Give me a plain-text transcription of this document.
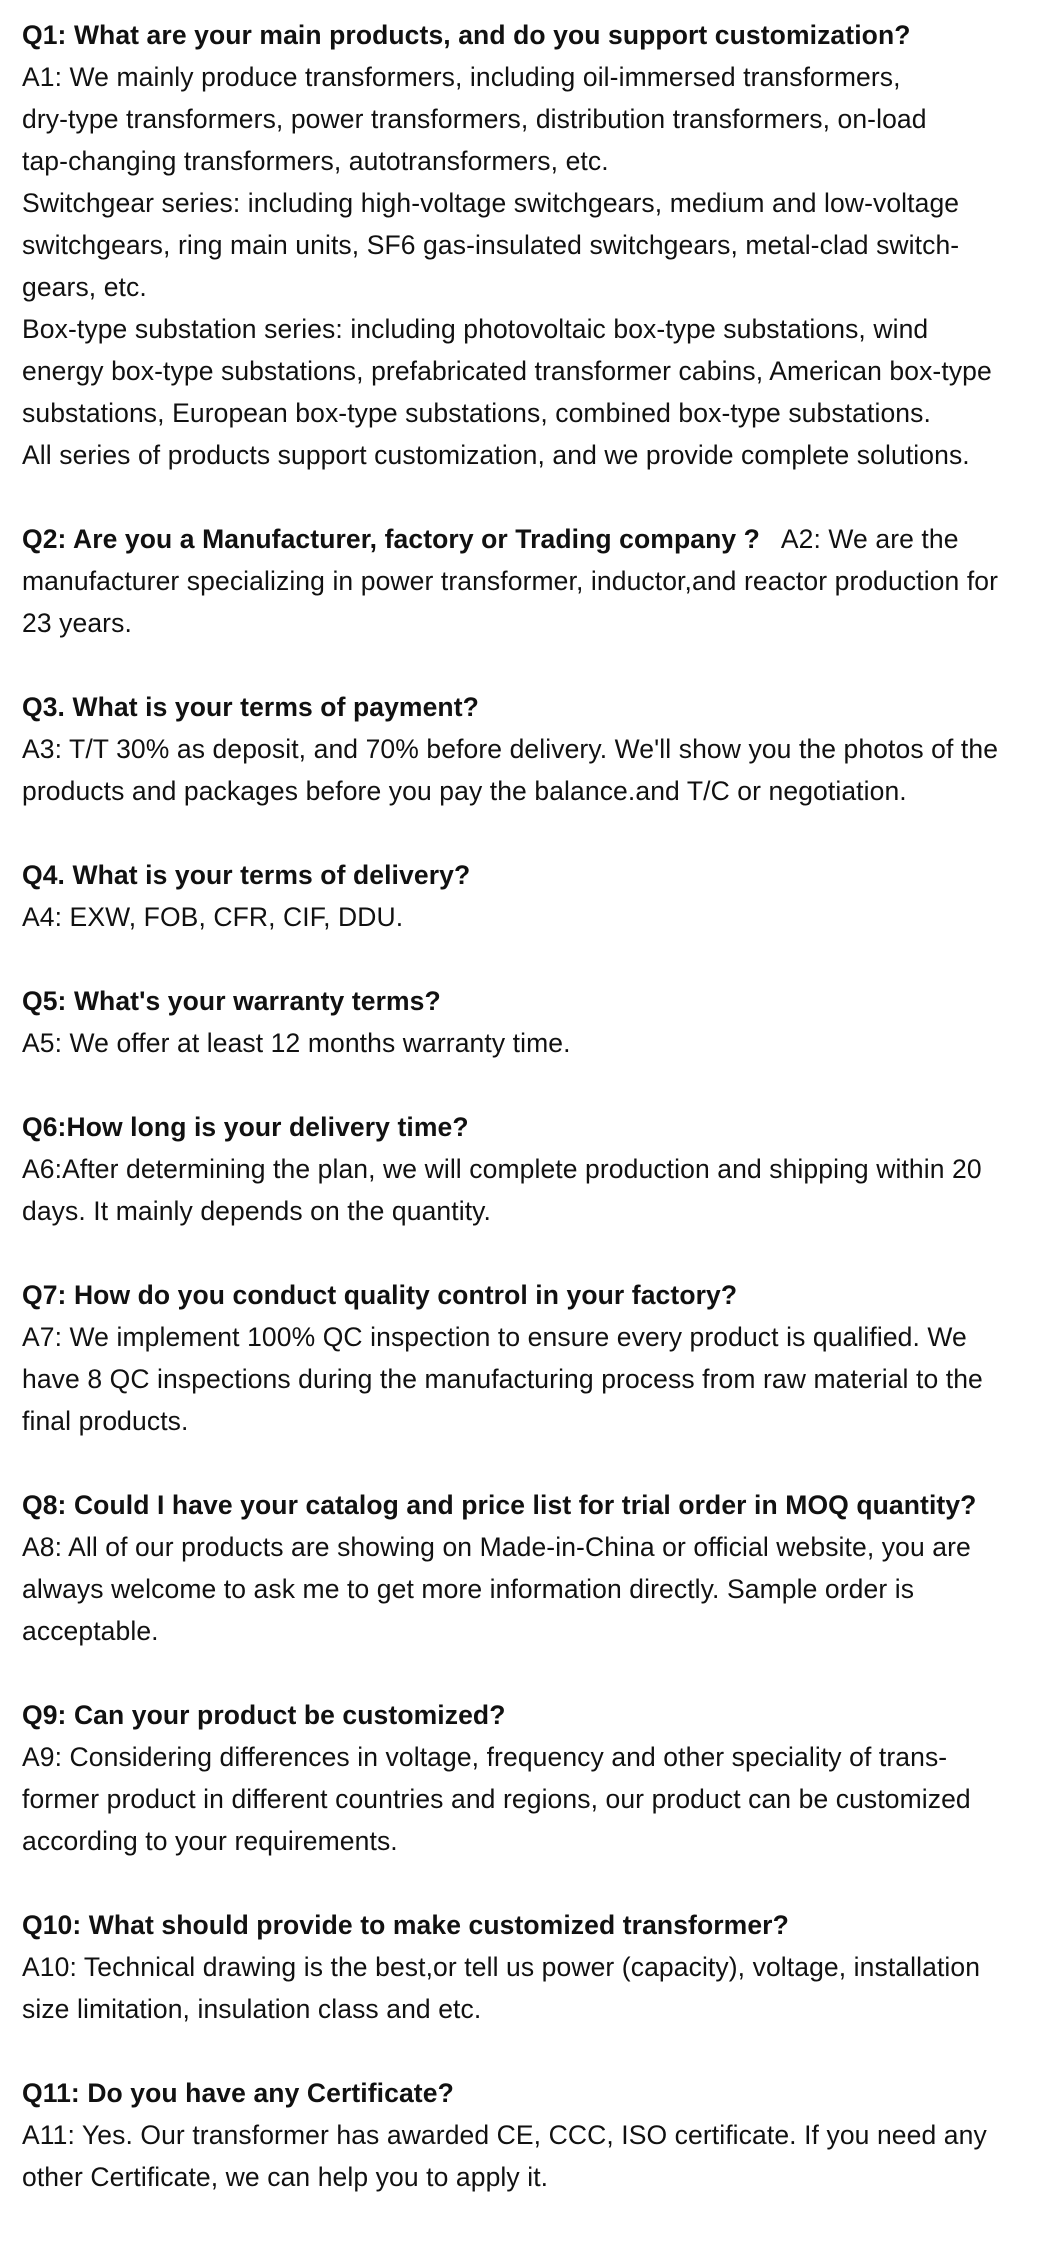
Q1: What are your main products, and do you support customization?
A1: We mainly produce transformers, including oil-immersed transformers,
dry-type transformers, power transformers, distribution transformers, on-load
tap-changing transformers, autotransformers, etc.
Switchgear series: including high-voltage switchgears, medium and low-voltage
switchgears, ring main units, SF6 gas-insulated switchgears, metal-clad switch-
gears, etc.
Box-type substation series: including photovoltaic box-type substations, wind
energy box-type substations, prefabricated transformer cabins, American box-type
substations, European box-type substations, combined box-type substations.
All series of products support customization, and we provide complete solutions.
Q2: Are you a Manufacturer, factory or Trading company ?   A2: We are the
manufacturer specializing in power transformer, inductor,and reactor production for
23 years.
Q3. What is your terms of payment?
A3: T/T 30% as deposit, and 70% before delivery. We'll show you the photos of the
products and packages before you pay the balance.and T/C or negotiation.
Q4. What is your terms of delivery?
A4: EXW, FOB, CFR, CIF, DDU.
Q5: What's your warranty terms?
A5: We offer at least 12 months warranty time.
Q6:How long is your delivery time?
A6:After determining the plan, we will complete production and shipping within 20
days. It mainly depends on the quantity.
Q7: How do you conduct quality control in your factory?
A7: We implement 100% QC inspection to ensure every product is qualified. We
have 8 QC inspections during the manufacturing process from raw material to the
final products.
Q8: Could I have your catalog and price list for trial order in MOQ quantity?
A8: All of our products are showing on Made-in-China or official website, you are
always welcome to ask me to get more information directly. Sample order is
acceptable.
Q9: Can your product be customized?
A9: Considering differences in voltage, frequency and other speciality of trans-
former product in different countries and regions, our product can be customized
according to your requirements.
Q10: What should provide to make customized transformer?
A10: Technical drawing is the best,or tell us power (capacity), voltage, installation
size limitation, insulation class and etc.
Q11: Do you have any Certificate?
A11: Yes. Our transformer has awarded CE, CCC, ISO certificate. If you need any
other Certificate, we can help you to apply it.
